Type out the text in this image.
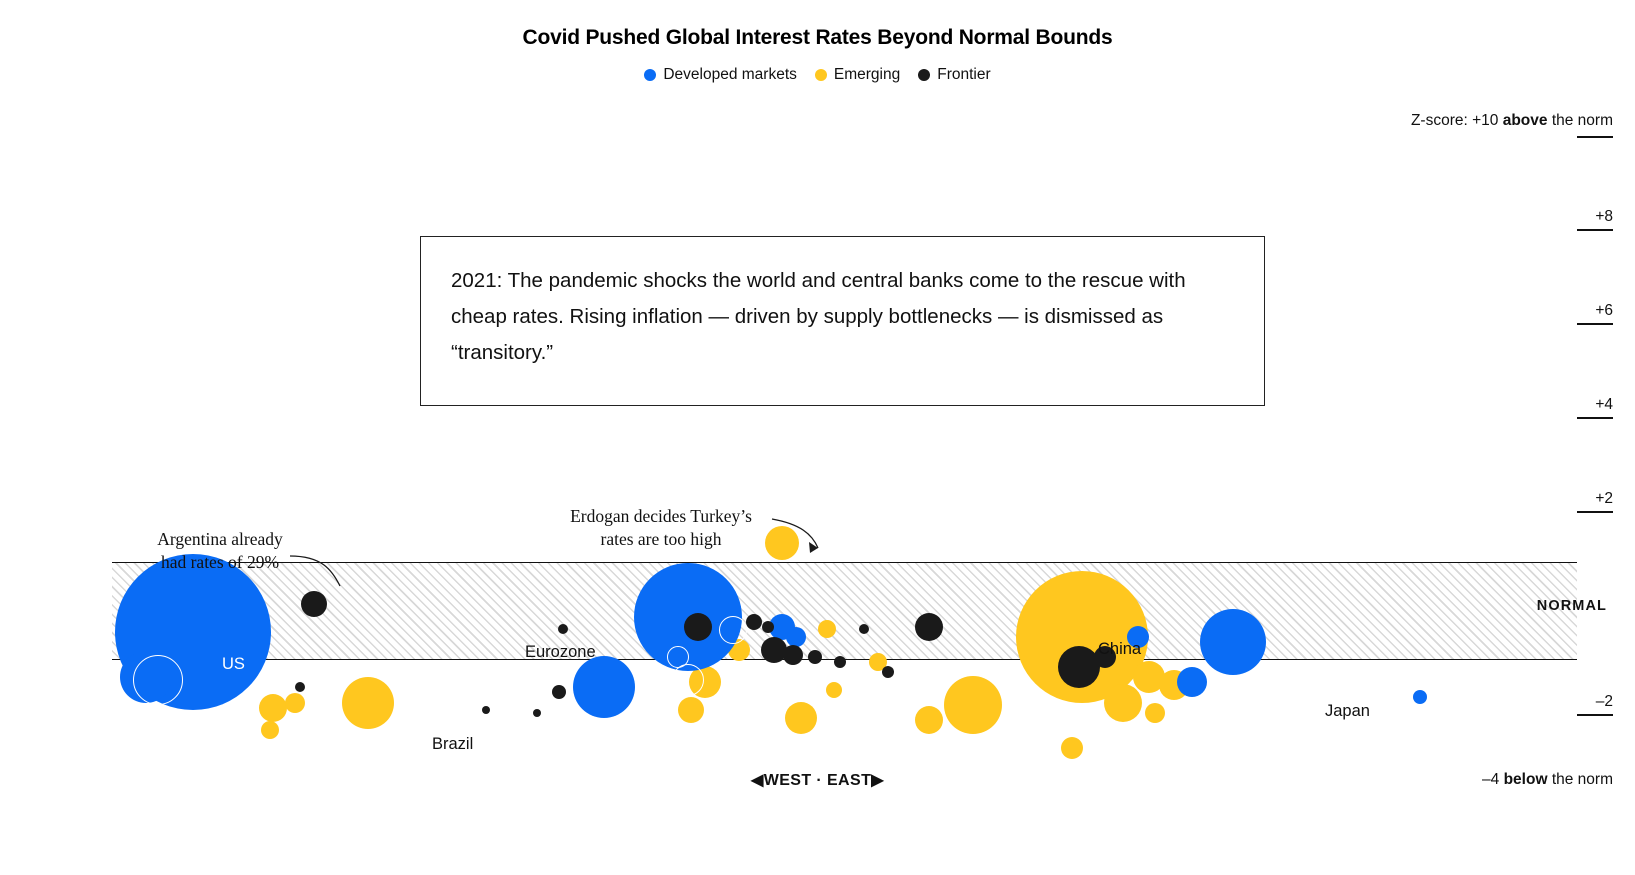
Covid Pushed Global Interest Rates Beyond Normal Bounds
Developed markets Emerging Frontier
Z-score: +10 above the norm
+8
+6
+4
+2
–2
–4 below the norm
NORMAL
Argentina already
had rates of 29%
Erdogan decides Turkey’s
rates are too high
US
Eurozone	China
Japan
Brazil
2021: The pandemic shocks the world and central banks come to the rescue with cheap rates. Rising inflation — driven by supply bottlenecks — is dismissed as “transitory.”
◀WEST · EAST▶
